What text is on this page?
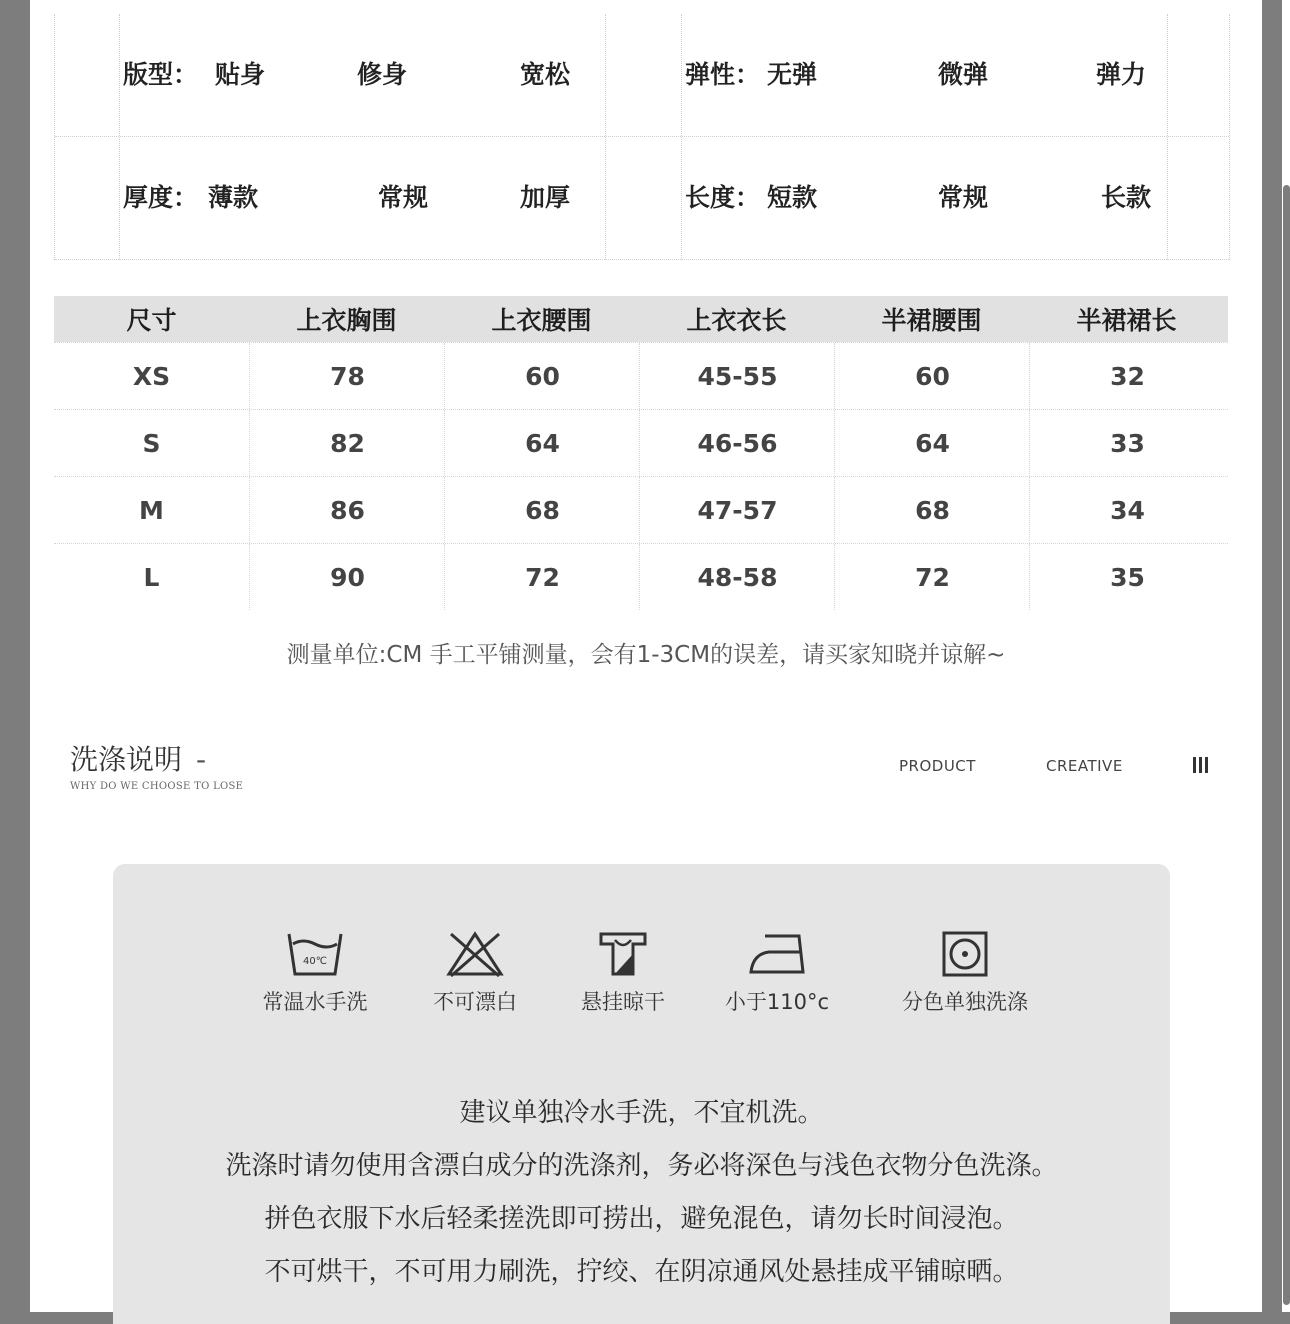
版型： 贴身	修身	宽松	弹性： 无弹	微弹	弹力
厚度： 薄款	常规	加厚	长度： 短款	常规	长款
尺寸	上衣胸围	上衣腰围	上衣衣长	半裙腰围	半裙裙长
XS	78	60	45-55	60	32
S	82	64	46-56	64	33
M	86	68	47-57	68	34
L	90	72	48-58	72	35
测量单位:CM 手工平铺测量，会有1-3CM的误差，请买家知晓并谅解~
洗涤说明 -
WHY DO WE CHOOSE TO LOSE
PRODUCT	CREATIVE
40℃
常温水手洗	不可漂白	悬挂晾干	小于110°c	分色单独洗涤
建议单独冷水手洗，不宜机洗。
洗涤时请勿使用含漂白成分的洗涤剂，务必将深色与浅色衣物分色洗涤。
拼色衣服下水后轻柔搓洗即可捞出，避免混色，请勿长时间浸泡。
不可烘干，不可用力刷洗，拧绞、在阴凉通风处悬挂成平铺晾晒。
